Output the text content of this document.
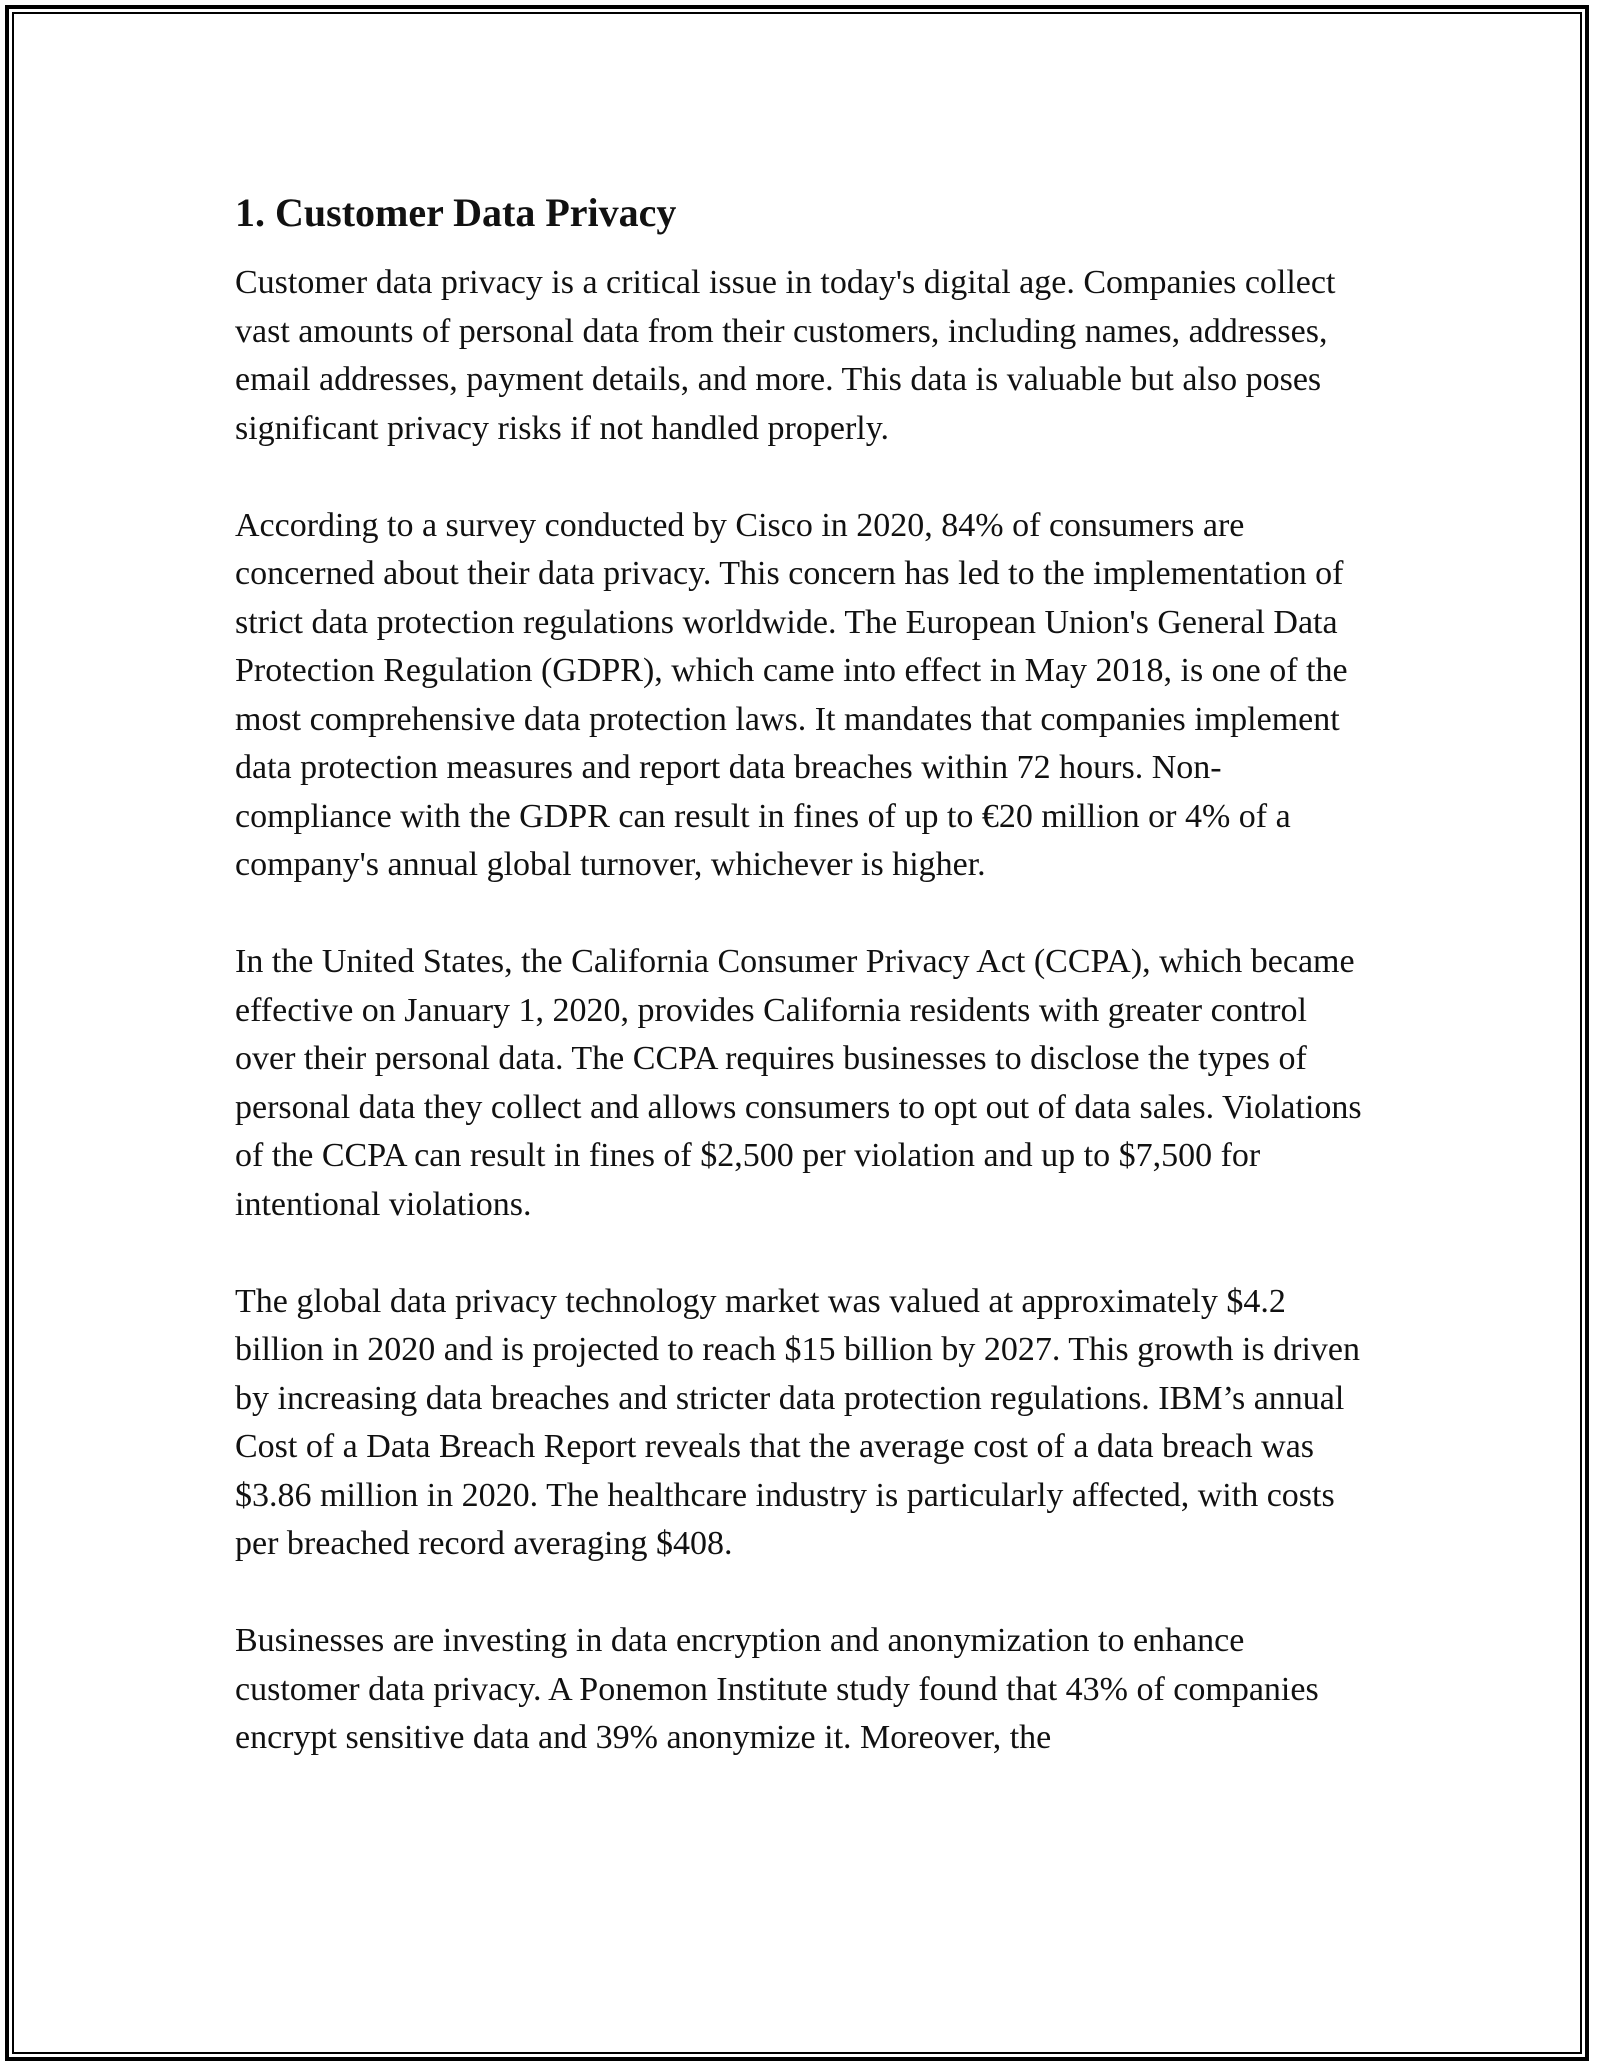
1. Customer Data Privacy

Customer data privacy is a critical issue in today's digital age. Companies collect vast amounts of personal data from their customers, including names, addresses, email addresses, payment details, and more. This data is valuable but also poses significant privacy risks if not handled properly.

According to a survey conducted by Cisco in 2020, 84% of consumers are concerned about their data privacy. This concern has led to the implementation of strict data protection regulations worldwide. The European Union's General Data Protection Regulation (GDPR), which came into effect in May 2018, is one of the most comprehensive data protection laws. It mandates that companies implement data protection measures and report data breaches within 72 hours. Non-compliance with the GDPR can result in fines of up to €20 million or 4% of a company's annual global turnover, whichever is higher.

In the United States, the California Consumer Privacy Act (CCPA), which became effective on January 1, 2020, provides California residents with greater control over their personal data. The CCPA requires businesses to disclose the types of personal data they collect and allows consumers to opt out of data sales. Violations of the CCPA can result in fines of $2,500 per violation and up to $7,500 for intentional violations.

The global data privacy technology market was valued at approximately $4.2 billion in 2020 and is projected to reach $15 billion by 2027. This growth is driven by increasing data breaches and stricter data protection regulations. IBM’s annual Cost of a Data Breach Report reveals that the average cost of a data breach was $3.86 million in 2020. The healthcare industry is particularly affected, with costs per breached record averaging $408.

Businesses are investing in data encryption and anonymization to enhance customer data privacy. A Ponemon Institute study found that 43% of companies encrypt sensitive data and 39% anonymize it. Moreover, the
